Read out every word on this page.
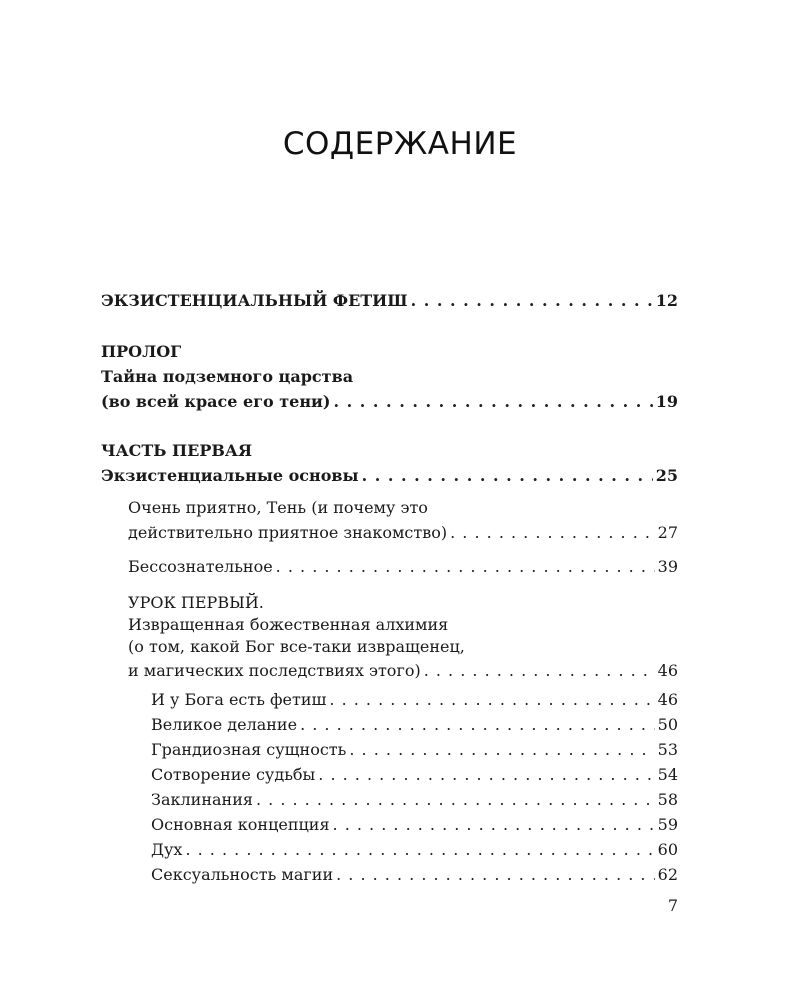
СОДЕРЖАНИЕ
ЭКЗИСТЕНЦИАЛЬНЫЙ ФЕТИШ . . .	12
ПРОЛОГ
Тайна подземного царства
(во всей красе его тени) . . .	19
ЧАСТЬ ПЕРВАЯ
Экзистенциальные основы . . .	25
Очень приятно, Тень (и почему это
действительно приятное знакомство) . . .	27
Бессознательное . . .	39
УРОК ПЕРВЫЙ.
Извращенная божественная алхимия
(о том, какой Бог все-таки извращенец,
и магических последствиях этого) . . .	46
И у Бога есть фетиш . . .	46
Великое делание . . .	50
Грандиозная сущность . . .	53
Сотворение судьбы . . .	54
Заклинания . . .	58
Основная концепция . . .	59
Дух . . .	60
Сексуальность магии . . .	62
7
